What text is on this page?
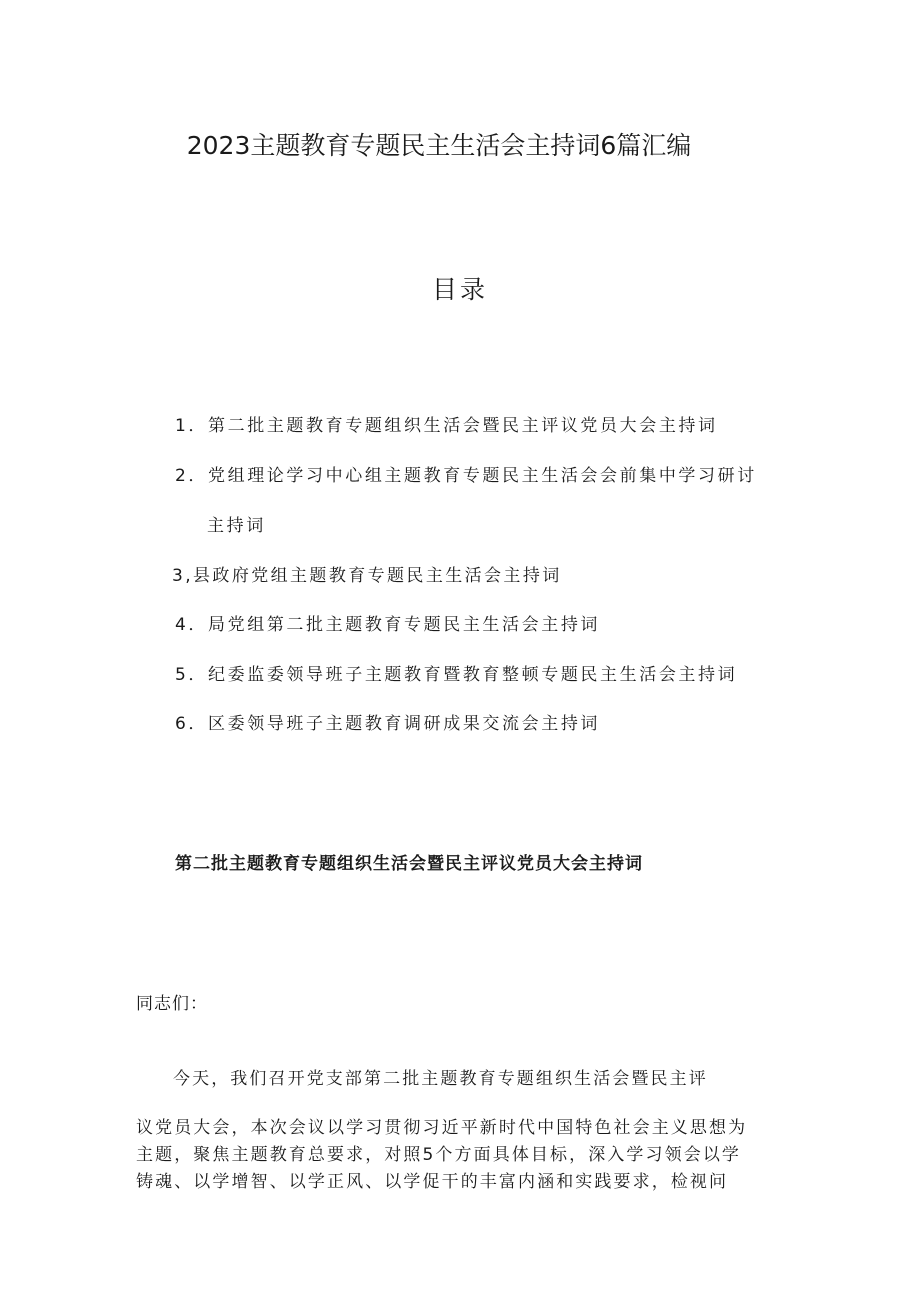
2023主题教育专题民主生活会主持词6篇汇编
目录
1．第二批主题教育专题组织生活会暨民主评议党员大会主持词
2．党组理论学习中心组主题教育专题民主生活会会前集中学习研讨
主持词
3,县政府党组主题教育专题民主生活会主持词
4．局党组第二批主题教育专题民主生活会主持词
5．纪委监委领导班子主题教育暨教育整顿专题民主生活会主持词
6．区委领导班子主题教育调研成果交流会主持词
第二批主题教育专题组织生活会暨民主评议党员大会主持词
同志们：
今天，我们召开党支部第二批主题教育专题组织生活会暨民主评
议党员大会，本次会议以学习贯彻习近平新时代中国特色社会主义思想为
主题，聚焦主题教育总要求，对照5个方面具体目标，深入学习领会以学
铸魂、以学增智、以学正风、以学促干的丰富内涵和实践要求，检视问
